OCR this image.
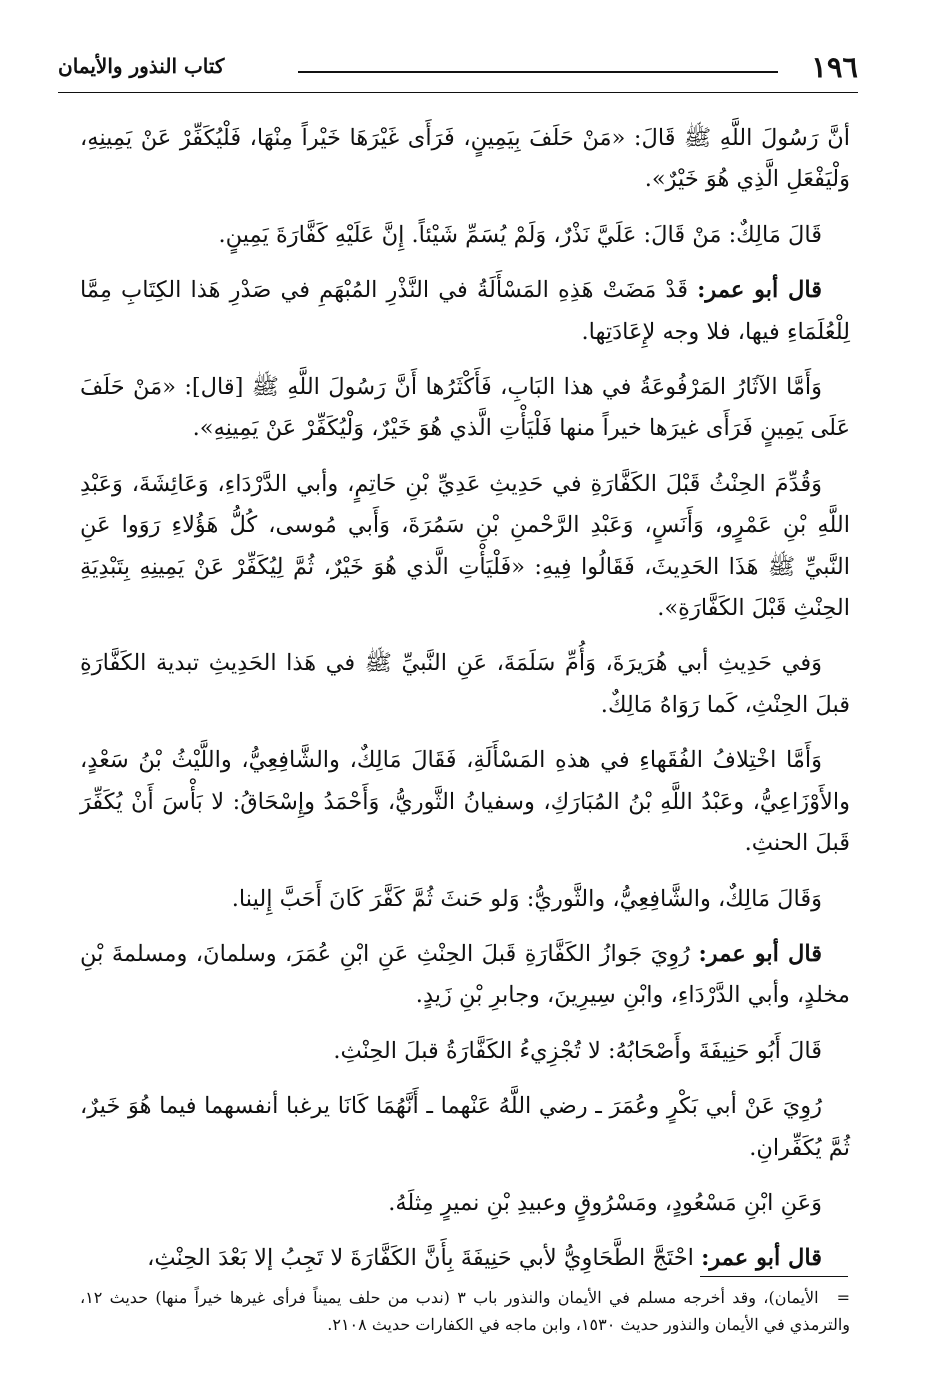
١٩٦
كتاب النذور والأيمان

أنَّ رَسُولَ اللَّهِ ﷺ قَالَ: «مَنْ حَلَفَ بِيَمِينٍ، فَرَأَى غَيْرَهَا خَيْراً مِنْهَا، فَلْيُكَفِّرْ عَنْ يَمِينِهِ، وَلْيَفْعَلِ الَّذِي هُوَ خَيْرٌ».

قَالَ مَالِكٌ: مَنْ قَالَ: عَلَيَّ نَذْرٌ، وَلَمْ يُسَمِّ شَيْئاً. إِنَّ عَلَيْهِ كَفَّارَةَ يَمِينٍ.

قال أبو عمر: قَدْ مَضَتْ هَذِهِ المَسْأَلَةُ في النَّذْرِ المُبْهَمِ في صَدْرِ هَذا الكِتَابِ مِمَّا لِلْعُلَمَاءِ فيها، فلا وجه لإِعَادَتِها.

وَأَمَّا الآثَارُ المَرْفُوعَةُ في هذا البَابِ، فَأَكْثَرُها أَنَّ رَسُولَ اللَّهِ ﷺ [قال]: «مَنْ حَلَفَ عَلَى يَمِينٍ فَرَأَى غيرَها خيراً منها فَلْيَأْتِ الَّذي هُوَ خَيْرٌ، وَلْيُكَفِّرْ عَنْ يَمِينِهِ».

وَقُدِّمَ الحِنْثُ قَبْلَ الكَفَّارَةِ في حَدِيثِ عَدِيِّ بْنِ حَاتِمٍ، وأبي الدَّرْدَاءِ، وَعَائِشَةَ، وَعَبْدِ اللَّهِ بْنِ عَمْرٍو، وَأَنَسٍ، وَعَبْدِ الرَّحْمنِ بْنِ سَمُرَةَ، وَأَبي مُوسى، كُلُّ هَؤُلاءِ رَوَوا عَنِ النَّبيِّ ﷺ هَذَا الحَدِيثَ، فَقَالُوا فِيهِ: «فَلْيَأْتِ الَّذي هُوَ خَيْرٌ، ثُمَّ لِيُكَفِّرْ عَنْ يَمِينِهِ بِتَبْدِيَةِ الحِنْثِ قَبْلَ الكَفَّارَةِ».

وَفي حَدِيثِ أبي هُرَيرَةَ، وَأُمِّ سَلَمَةَ، عَنِ النَّبيِّ ﷺ في هَذا الحَدِيثِ تبدية الكَفَّارَةِ قبلَ الحِنْثِ، كَما رَوَاهُ مَالِكٌ.

وَأَمَّا اخْتِلافُ الفُقَهاءِ في هذهِ المَسْأَلَةِ، فَقَالَ مَالِكٌ، والشَّافِعِيُّ، واللَّيْثُ بْنُ سَعْدٍ، والأَوْزَاعِيُّ، وعَبْدُ اللَّهِ بْنُ المُبَارَكِ، وسفيانُ الثَّوريُّ، وَأَحْمَدُ وإِسْحَاقُ: لا بَأْسَ أَنْ يُكَفِّرَ قَبلَ الحنثِ.

وَقَالَ مَالِكٌ، والشَّافِعِيُّ، والثَّوريُّ: وَلو حَنثَ ثُمَّ كَفَّرَ كَانَ أَحَبَّ إِلينا.

قال أبو عمر: رُوِيَ جَوازُ الكَفَّارَةِ قَبلَ الحِنْثِ عَنِ ابْنِ عُمَرَ، وسلمانَ، ومسلمةَ بْنِ مخلدٍ، وأبي الدَّرْدَاءِ، وابْنِ سِيرِينَ، وجابرِ بْنِ زَيدٍ.

قَالَ أَبُو حَنِيفَةَ وأَصْحَابُهُ: لا تُجْزِيءُ الكَفَّارَةُ قبلَ الحِنْثِ.

رُوِيَ عَنْ أبي بَكْرٍ وعُمَرَ ـ رضي اللَّهُ عَنْهما ـ أَنَّهُمَا كَانَا يرغبا أنفسهما فيما هُوَ خَيرٌ، ثُمَّ يُكَفِّرانِ.

وَعَنِ ابْنِ مَسْعُودٍ، ومَسْرُوقٍ وعبيدِ بْنِ نميرٍ مِثلَهُ.

قال أبو عمر: احْتَجَّ الطَّحَاوِيُّ لأبي حَنِيفَةَ بِأَنَّ الكَفَّارَةَ لا تَجِبُ إلا بَعْدَ الحِنْثِ،

=الأيمان)، وقد أخرجه مسلم في الأيمان والنذور باب ٣ (ندب من حلف يميناً فرأى غيرها خيراً منها) حديث ١٢، والترمذي في الأيمان والنذور حديث ١٥٣٠، وابن ماجه في الكفارات حديث ٢١٠٨.
